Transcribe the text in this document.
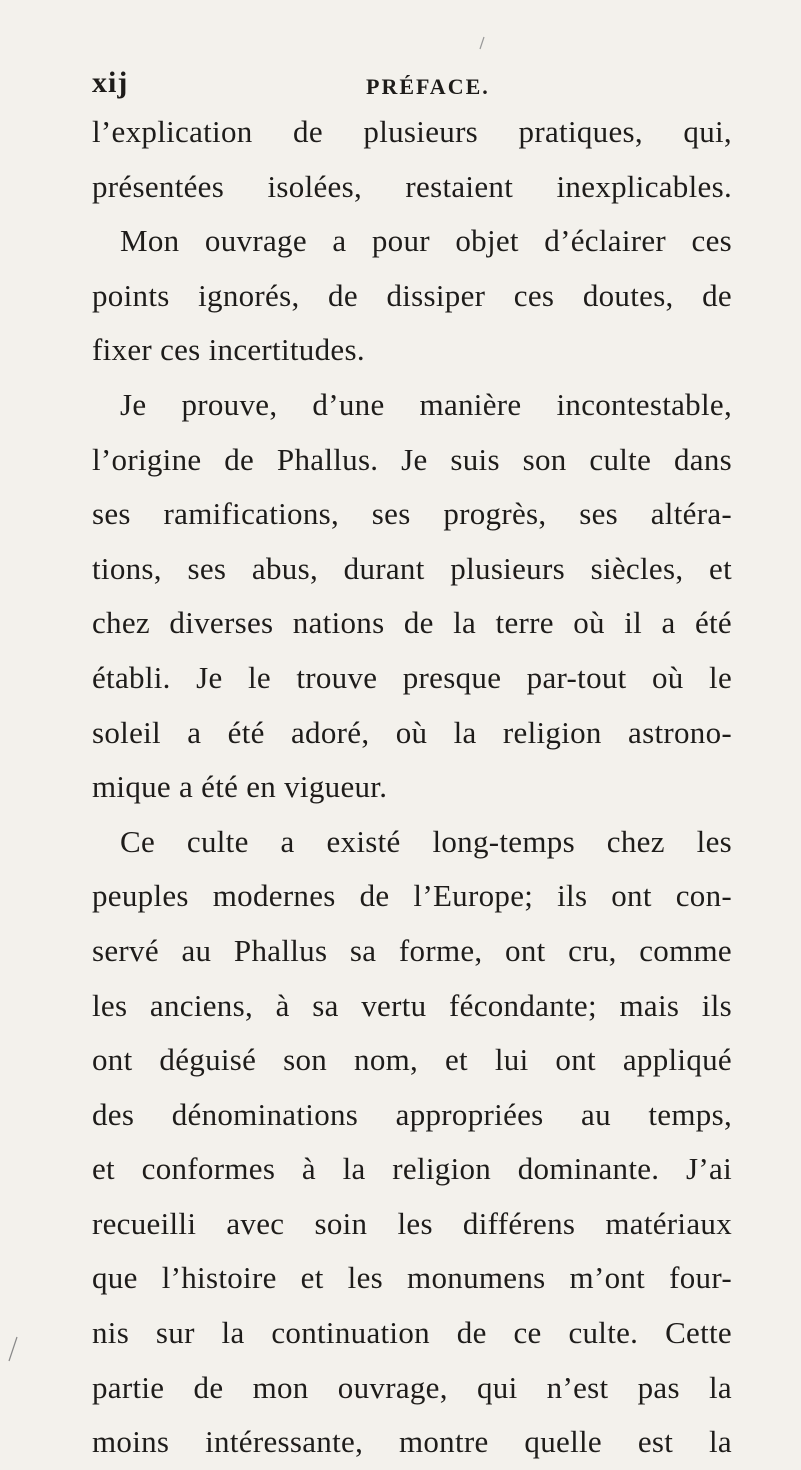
xij	PRÉFACE.
l’explication de plusieurs pratiques, qui,
présentées isolées, restaient inexplicables.
Mon ouvrage a pour objet d’éclairer ces
points ignorés, de dissiper ces doutes, de
fixer ces incertitudes.
Je prouve, d’une manière incontestable,
l’origine de Phallus. Je suis son culte dans
ses ramifications, ses progrès, ses altéra-
tions, ses abus, durant plusieurs siècles, et
chez diverses nations de la terre où il a été
établi. Je le trouve presque par-tout où le
soleil a été adoré, où la religion astrono-
mique a été en vigueur.
Ce culte a existé long-temps chez les
peuples modernes de l’Europe; ils ont con-
servé au Phallus sa forme, ont cru, comme
les anciens, à sa vertu fécondante; mais ils
ont déguisé son nom, et lui ont appliqué
des dénominations appropriées au temps,
et conformes à la religion dominante. J’ai
recueilli avec soin les différens matériaux
que l’histoire et les monumens m’ont four-
nis sur la continuation de ce culte. Cette
partie de mon ouvrage, qui n’est pas la
moins intéressante, montre quelle est la
